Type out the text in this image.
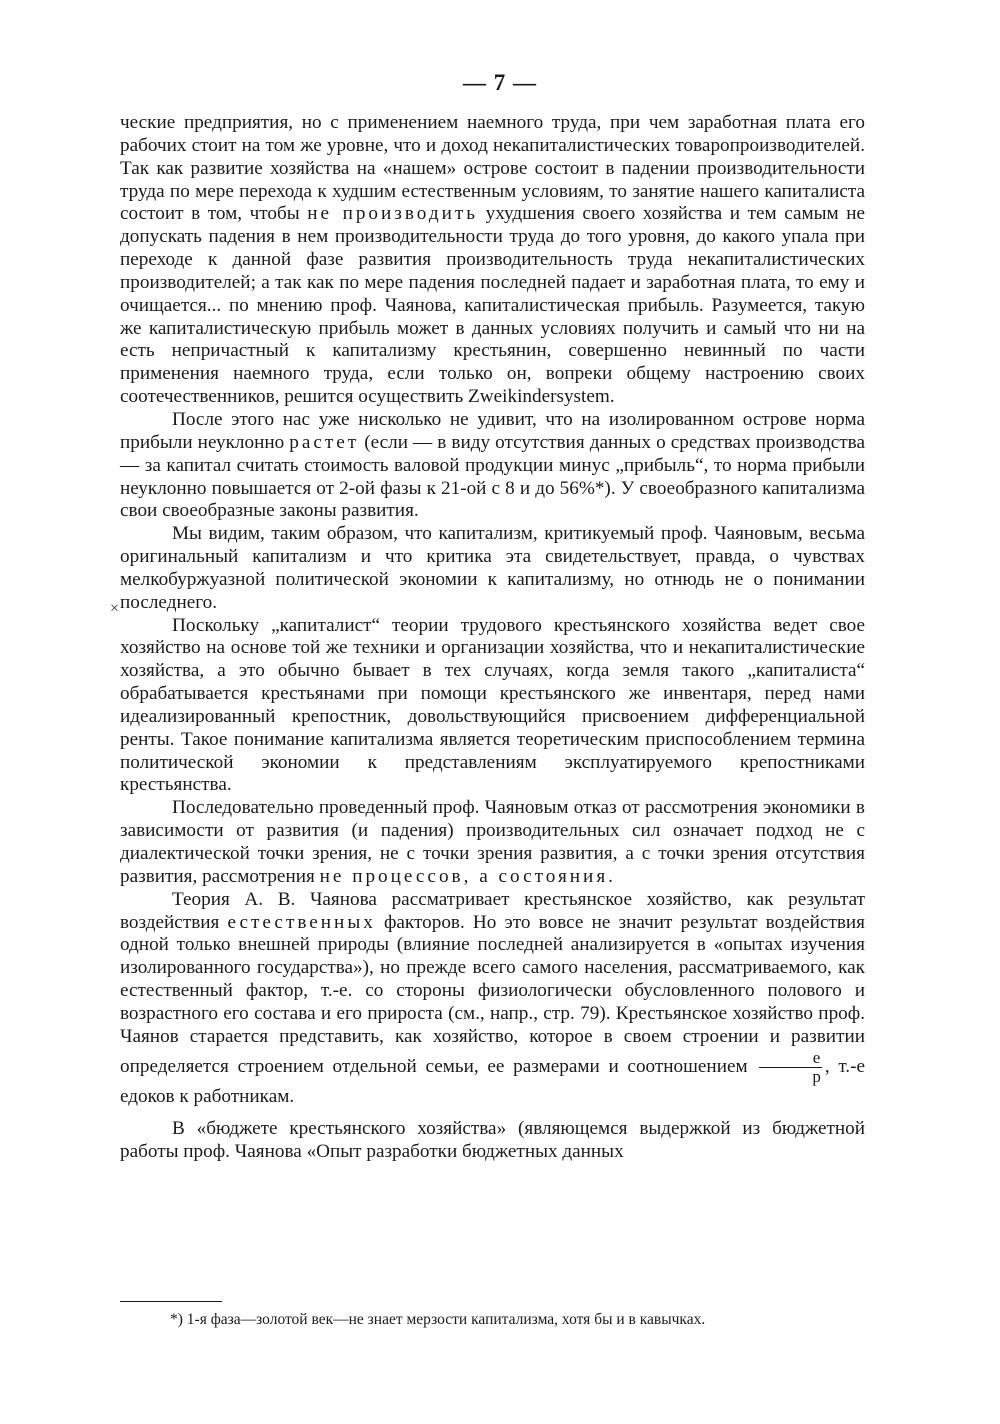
— 7 —

ческие предприятия, но с применением наемного труда, при чем заработная плата его рабочих стоит на том же уровне, что и доход некапиталистических товаропроизводителей. Так как развитие хозяйства на «нашем» острове состоит в падении производительности труда по мере перехода к худшим естественным условиям, то занятие нашего капиталиста состоит в том, чтобы не производить ухудшения своего хозяйства и тем самым не допускать падения в нем производительности труда до того уровня, до какого упала при переходе к данной фазе развития производительность труда некапиталистических производителей; а так как по мере падения последней падает и заработная плата, то ему и очищается... по мнению проф. Чаянова, капиталистическая прибыль. Разумеется, такую же капиталистическую прибыль может в данных условиях получить и самый что ни на есть непричастный к капитализму крестьянин, совершенно невинный по части применения наемного труда, если только он, вопреки общему настроению своих соотечественников, решится осуществить Zweikindersystem.

После этого нас уже нисколько не удивит, что на изолированном острове норма прибыли неуклонно растет (если — в виду отсутствия данных о средствах производства — за капитал считать стоимость валовой продукции минус „прибыль“, то норма прибыли неуклонно повышается от 2-ой фазы к 21-ой с 8 и до 56%*). У своеобразного капитализма свои своеобразные законы развития.

Мы видим, таким образом, что капитализм, критикуемый проф. Чаяновым, весьма оригинальный капитализм и что критика эта свидетельствует, правда, о чувствах мелкобуржуазной политической экономии к капитализму, но отнюдь не о понимании последнего.

Поскольку „капиталист“ теории трудового крестьянского хозяйства ведет свое хозяйство на основе той же техники и организации хозяйства, что и некапиталистические хозяйства, а это обычно бывает в тех случаях, когда земля такого „капиталиста“ обрабатывается крестьянами при помощи крестьянского же инвентаря, перед нами идеализированный крепостник, довольствующийся присвоением дифференциальной ренты. Такое понимание капитализма является теоретическим приспособлением термина политической экономии к представлениям эксплуатируемого крепостниками крестьянства.

Последовательно проведенный проф. Чаяновым отказ от рассмотрения экономики в зависимости от развития (и падения) производительных сил означает подход не с диалектической точки зрения, не с точки зрения развития, а с точки зрения отсутствия развития, рассмотрения не процессов, а состояния.

Теория А. В. Чаянова рассматривает крестьянское хозяйство, как результат воздействия естественных факторов. Но это вовсе не значит результат воздействия одной только внешней природы (влияние последней анализируется в «опытах изучения изолированного государства»), но прежде всего самого населения, рассматриваемого, как естественный фактор, т.-е. со стороны физиологически обусловленного полового и возрастного его состава и его прироста (см., напр., стр. 79). Крестьянское хозяйство проф. Чаянов старается представить, как хозяйство, которое в своем строении и развитии определяется строением отдельной семьи, ее размерами и соотношением $\frac{е}{р}$ , т.-е едоков к работникам.

В «бюджете крестьянского хозяйства» (являющемся выдержкой из бюджетной работы проф. Чаянова «Опыт разработки бюджетных данных

×
*) 1-я фаза—золотой век—не знает мерзости капитализма, хотя бы и в кавычках.
